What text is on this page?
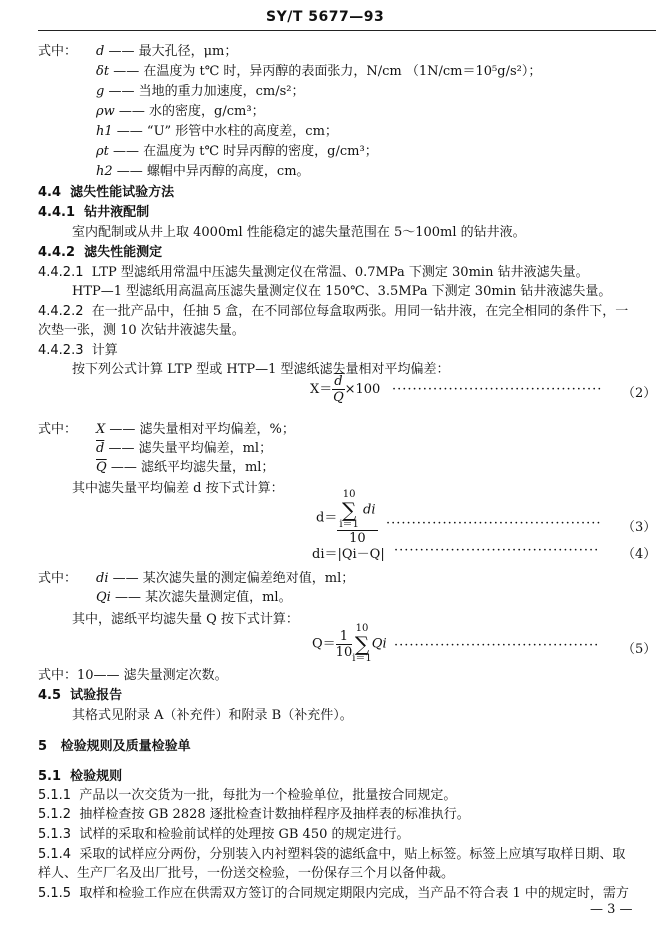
SY/T 5677—93
式中： d —— 最大孔径，μm；
δt —— 在温度为 t℃ 时，异丙醇的表面张力，N/cm （1N/cm＝10⁵g/s²）；
g —— 当地的重力加速度，cm/s²；
ρw —— 水的密度，g/cm³；
h1 —— “U” 形管中水柱的高度差，cm；
ρt —— 在温度为 t℃ 时异丙醇的密度，g/cm³；
h2 —— 螺帽中异丙醇的高度，cm。
4.4 滤失性能试验方法
4.4.1 钻井液配制
室内配制或从井上取 4000ml 性能稳定的滤失量范围在 5～100ml 的钻井液。
4.4.2 滤失性能测定
4.4.2.1 LTP 型滤纸用常温中压滤失量测定仪在常温、0.7MPa 下测定 30min 钻井液滤失量。
HTP—1 型滤纸用高温高压滤失量测定仪在 150℃、3.5MPa 下测定 30min 钻井液滤失量。
4.4.2.2 在一批产品中，任抽 5 盒，在不同部位每盒取两张。用同一钻井液，在完全相同的条件下，一
次垫一张，测 10 次钻井液滤失量。
4.4.2.3 计算
按下列公式计算 LTP 型或 HTP—1 型滤纸滤失量相对平均偏差：
$X= \frac{\overline{d}}{Q} \times 100$ ········································· （2）
式中： X —— 滤失量相对平均偏差，%；
$\overline{d}$ —— 滤失量平均偏差，ml；
$\overline{Q}$ —— 滤纸平均滤失量，ml；
其中滤失量平均偏差 d 按下式计算：
d＝ 10
∑
i＝1 di
10 ·········································· （3）
di＝|Qi－Q| ········································ （4）
式中： di —— 某次滤失量的测定偏差绝对值，ml；
Qi —— 某次滤失量测定值，ml。
其中，滤纸平均滤失量 Q 按下式计算：
$Q= \frac{1}{10} 10$
∑
i＝1Qi ········································ （5）
式中：10—— 滤失量测定次数。
4.5 试验报告
其格式见附录 A（补充件）和附录 B（补充件）。
5 检验规则及质量检验单
5.1 检验规则
5.1.1 产品以一次交货为一批，每批为一个检验单位，批量按合同规定。
5.1.2 抽样检查按 GB 2828 逐批检查计数抽样程序及抽样表的标准执行。
5.1.3 试样的采取和检验前试样的处理按 GB 450 的规定进行。
5.1.4 采取的试样应分两份，分别装入内衬塑料袋的滤纸盒中，贴上标签。标签上应填写取样日期、取
样人、生产厂名及出厂批号，一份送交检验，一份保存三个月以备仲裁。
5.1.5 取样和检验工作应在供需双方签订的合同规定期限内完成，当产品不符合表 1 中的规定时，需方
— 3 —
